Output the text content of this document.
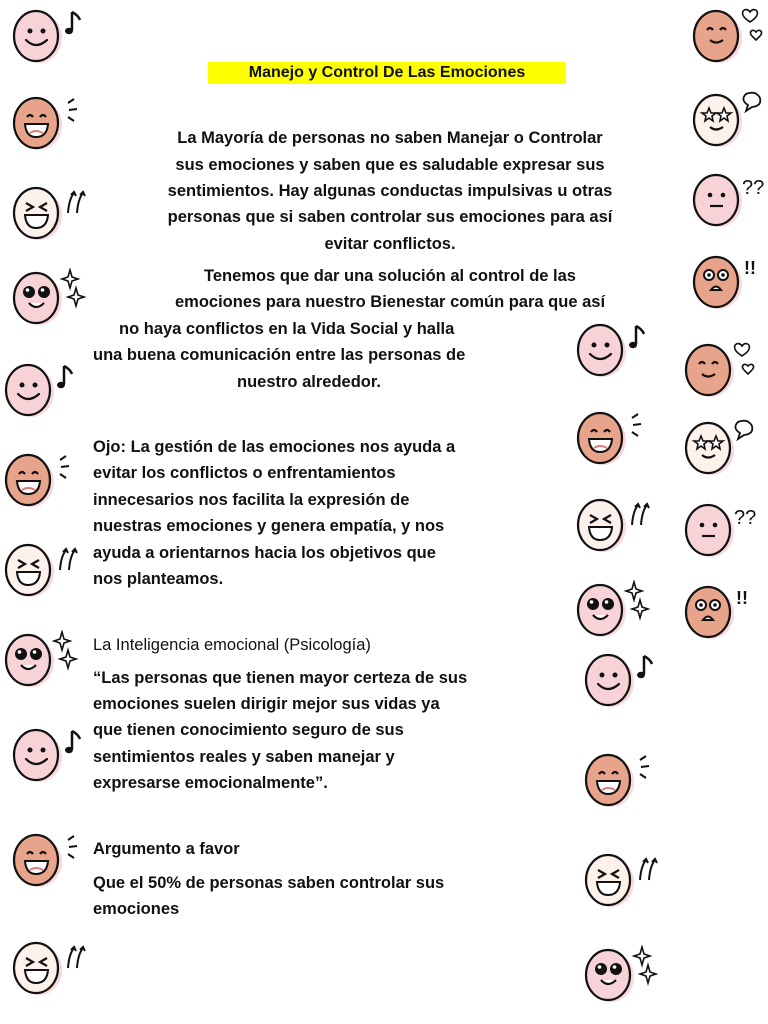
Manejo y Control De Las Emociones

La Mayoría de personas no saben Manejar o Controlar

sus emociones y saben que es saludable expresar sus

sentimientos. Hay algunas conductas impulsivas u otras

personas que si saben controlar sus emociones para así

evitar conflictos.

Tenemos que dar una solución al control de las

emociones para nuestro Bienestar común para que así

no haya conflictos en la Vida Social y halla

una buena comunicación entre las personas de

nuestro alrededor.

Ojo: La gestión de las emociones nos ayuda a

evitar los conflictos o enfrentamientos

innecesarios nos facilita la expresión de

nuestras emociones y genera empatía, y nos

ayuda a orientarnos hacia los objetivos que

nos planteamos.

La Inteligencia emocional (Psicología)

“Las personas que tienen mayor certeza de sus

emociones suelen dirigir mejor sus vidas ya

que tienen conocimiento seguro de sus

sentimientos reales y saben manejar y

expresarse emocionalmente”.

Argumento a favor

Que el 50% de personas saben controlar sus

emociones

??
!!
??
!!
